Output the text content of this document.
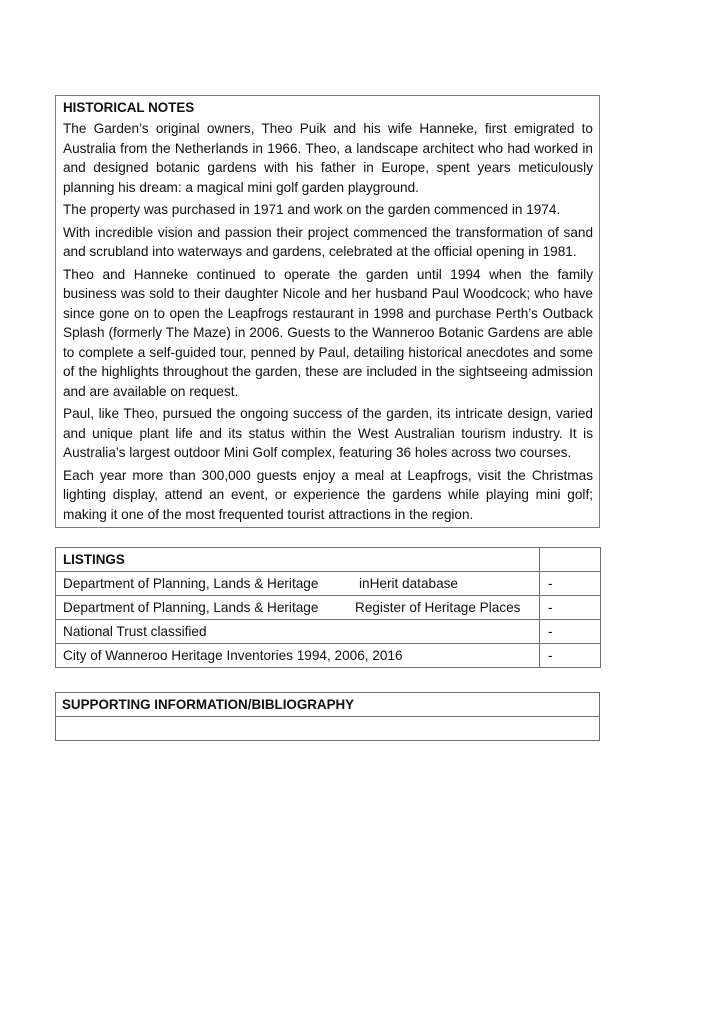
HISTORICAL NOTES

The Garden’s original owners, Theo Puik and his wife Hanneke, first emigrated to Australia from the Netherlands in 1966. Theo, a landscape architect who had worked in and designed botanic gardens with his father in Europe, spent years meticulously planning his dream: a magical mini golf garden playground.

The property was purchased in 1971 and work on the garden commenced in 1974.

With incredible vision and passion their project commenced the transformation of sand and scrubland into waterways and gardens, celebrated at the official opening in 1981.

Theo and Hanneke continued to operate the garden until 1994 when the family business was sold to their daughter Nicole and her husband Paul Woodcock; who have since gone on to open the Leapfrogs restaurant in 1998 and purchase Perth’s Outback Splash (formerly The Maze) in 2006. Guests to the Wanneroo Botanic Gardens are able to complete a self-guided tour, penned by Paul, detailing historical anecdotes and some of the highlights throughout the garden, these are included in the sightseeing admission and are available on request.

Paul, like Theo, pursued the ongoing success of the garden, its intricate design, varied and unique plant life and its status within the West Australian tourism industry. It is Australia’s largest outdoor Mini Golf complex, featuring 36 holes across two courses.

Each year more than 300,000 guests enjoy a meal at Leapfrogs, visit the Christmas lighting display, attend an event, or experience the gardens while playing mini golf; making it one of the most frequented tourist attractions in the region.

LISTINGS	
Department of Planning, Lands & Heritage inHerit database	-
Department of Planning, Lands & Heritage Register of Heritage Places	-
National Trust classified	-
City of Wanneroo Heritage Inventories 1994, 2006, 2016	-
SUPPORTING INFORMATION/BIBLIOGRAPHY
